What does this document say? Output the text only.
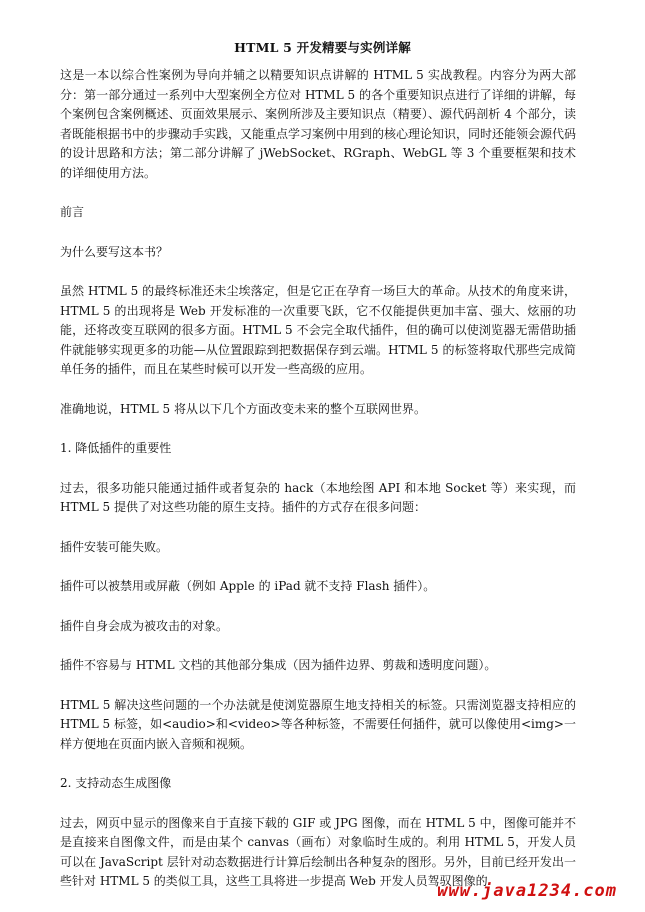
HTML 5 开发精要与实例详解

这是一本以综合性案例为导向并辅之以精要知识点讲解的 HTML 5 实战教程。内容分为两大部分：第一部分通过一系列中大型案例全方位对 HTML 5 的各个重要知识点进行了详细的讲解，每个案例包含案例概述、页面效果展示、案例所涉及主要知识点（精要）、源代码剖析 4 个部分，读者既能根据书中的步骤动手实践，又能重点学习案例中用到的核心理论知识，同时还能领会源代码的设计思路和方法；第二部分讲解了 jWebSocket、RGraph、WebGL 等 3 个重要框架和技术的详细使用方法。

前言

为什么要写这本书？

虽然 HTML 5 的最终标准还未尘埃落定，但是它正在孕育一场巨大的革命。从技术的角度来讲，HTML 5 的出现将是 Web 开发标准的一次重要飞跃，它不仅能提供更加丰富、强大、炫丽的功能，还将改变互联网的很多方面。HTML 5 不会完全取代插件，但的确可以使浏览器无需借助插件就能够实现更多的功能—从位置跟踪到把数据保存到云端。HTML 5 的标签将取代那些完成简单任务的插件，而且在某些时候可以开发一些高级的应用。

准确地说，HTML 5 将从以下几个方面改变未来的整个互联网世界。

1. 降低插件的重要性

过去，很多功能只能通过插件或者复杂的 hack（本地绘图 API 和本地 Socket 等）来实现，而 HTML 5 提供了对这些功能的原生支持。插件的方式存在很多问题：

插件安装可能失败。

插件可以被禁用或屏蔽（例如 Apple 的 iPad 就不支持 Flash 插件）。

插件自身会成为被攻击的对象。

插件不容易与 HTML 文档的其他部分集成（因为插件边界、剪裁和透明度问题）。

HTML 5 解决这些问题的一个办法就是使浏览器原生地支持相关的标签。只需浏览器支持相应的 HTML 5 标签，如<audio>和<video>等各种标签，不需要任何插件，就可以像使用<img>一样方便地在页面内嵌入音频和视频。

2. 支持动态生成图像

过去，网页中显示的图像来自于直接下载的 GIF 或 JPG 图像，而在 HTML 5 中，图像可能并不是直接来自图像文件，而是由某个 canvas（画布）对象临时生成的。利用 HTML 5，开发人员可以在 JavaScript 层针对动态数据进行计算后绘制出各种复杂的图形。另外，目前已经开发出一些针对 HTML 5 的类似工具，这些工具将进一步提高 Web 开发人员驾驭图像的

www.java1234.com
